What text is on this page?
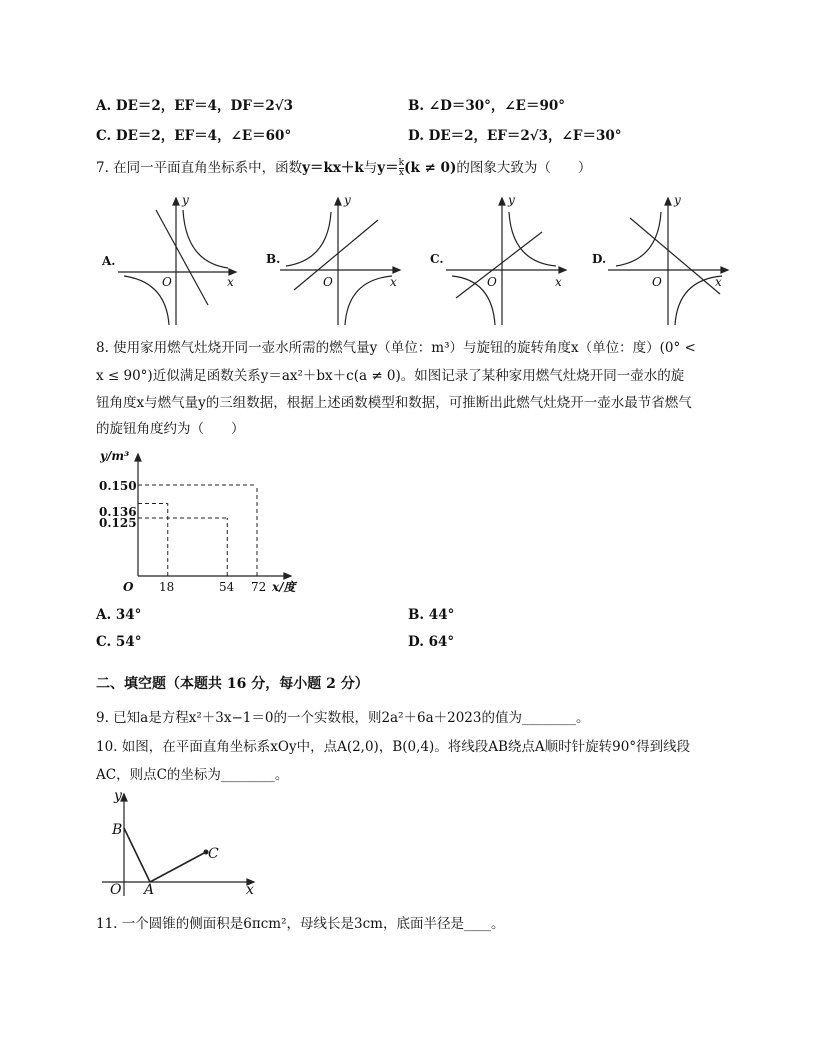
A. DE＝2，EF＝4，DF＝2√3	B. ∠D＝30°，∠E＝90°
C. DE＝2，EF＝4，∠E＝60°	D. DE＝2，EF＝2√3，∠F＝30°
7. 在同一平面直角坐标系中，函数y＝kx＋k与$y= \frac{k}{x} (k \ne 0)$的图象大致为（　　）
A.
O	x
y
B.
O	x
y
C.
O	x
y
D.
O	x
y
8. 使用家用燃气灶烧开同一壶水所需的燃气量y（单位：m³）与旋钮的旋转角度x（单位：度）(0° <
x ≤ 90°)近似满足函数关系y＝ax²＋bx＋c(a ≠ 0)。如图记录了某种家用燃气灶烧开同一壶水的旋
钮角度x与燃气量y的三组数据，根据上述函数模型和数据，可推断出此燃气灶烧开一壶水最节省燃气
的旋钮角度约为（　　）
y/m³
0.150
0.136
0.125
O 18	54 72 x/度
A. 34°	B. 44°
C. 54°	D. 64°
二、填空题（本题共 16 分，每小题 2 分）
9. 已知a是方程x²＋3x−1＝0的一个实数根，则2a²＋6a＋2023的值为________。
10. 如图，在平面直角坐标系xOy中，点A(2,0)，B(0,4)。将线段AB绕点A顺时针旋转90°得到线段
AC，则点C的坐标为________。
y
B
C
O A	x
11. 一个圆锥的侧面积是6πcm²，母线长是3cm，底面半径是____。
